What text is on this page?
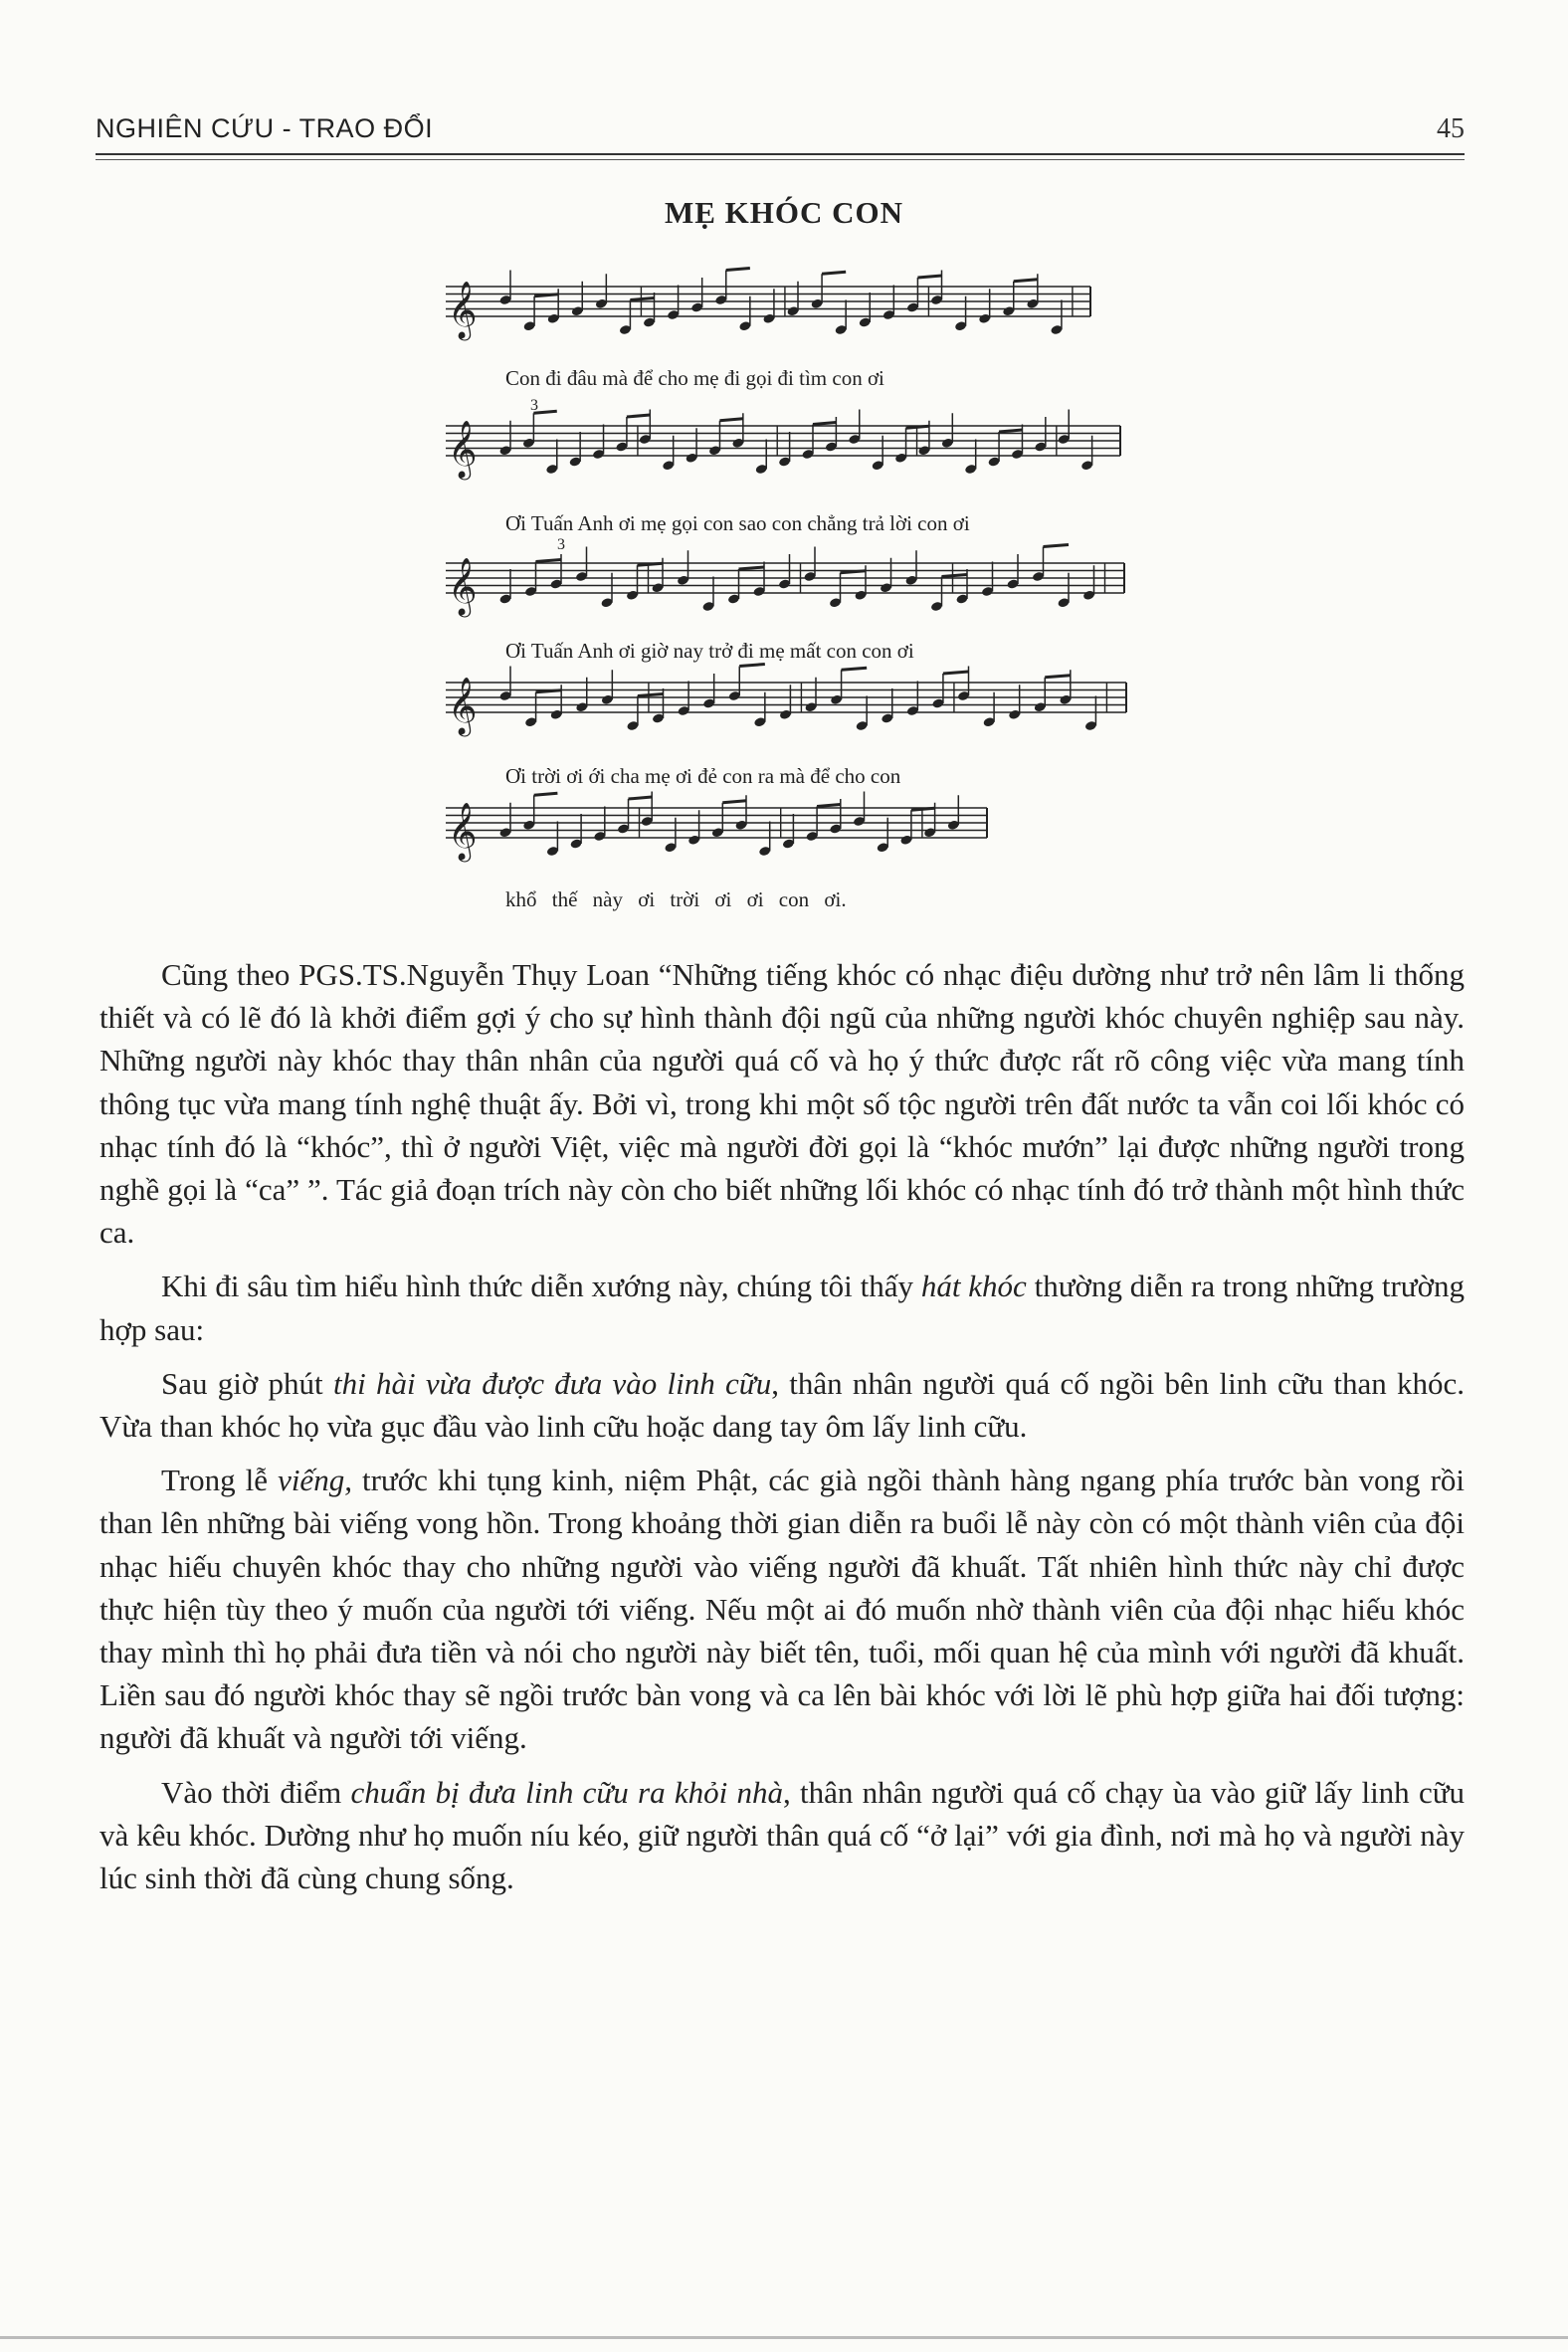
NGHIÊN CỨU - TRAO ĐỔI	45
MẸ KHÓC CON
𝄞
𝄞
𝄞
𝄞
𝄞
3
3
Con đi đâu mà để cho mẹ đi gọi đi tìm con ơi
Ơi Tuấn Anh ơi mẹ gọi con sao con chẳng trả lời con ơi
Ơi Tuấn Anh ơi giờ nay trở đi mẹ mất con con ơi
Ơi trời ơi ới cha mẹ ơi đẻ con ra mà để cho con
khổ thế này ơi trời ơi ơi con ơi.

Cũng theo PGS.TS.Nguyễn Thụy Loan “Những tiếng khóc có nhạc điệu dường như trở nên lâm li thống thiết và có lẽ đó là khởi điểm gợi ý cho sự hình thành đội ngũ của những người khóc chuyên nghiệp sau này. Những người này khóc thay thân nhân của người quá cố và họ ý thức được rất rõ công việc vừa mang tính thông tục vừa mang tính nghệ thuật ấy. Bởi vì, trong khi một số tộc người trên đất nước ta vẫn coi lối khóc có nhạc tính đó là “khóc”, thì ở người Việt, việc mà người đời gọi là “khóc mướn” lại được những người trong nghề gọi là “ca” ”. Tác giả đoạn trích này còn cho biết những lối khóc có nhạc tính đó trở thành một hình thức ca.

Khi đi sâu tìm hiểu hình thức diễn xướng này, chúng tôi thấy hát khóc thường diễn ra trong những trường hợp sau:

Sau giờ phút thi hài vừa được đưa vào linh cữu, thân nhân người quá cố ngồi bên linh cữu than khóc. Vừa than khóc họ vừa gục đầu vào linh cữu hoặc dang tay ôm lấy linh cữu.

Trong lễ viếng, trước khi tụng kinh, niệm Phật, các già ngồi thành hàng ngang phía trước bàn vong rồi than lên những bài viếng vong hồn. Trong khoảng thời gian diễn ra buổi lễ này còn có một thành viên của đội nhạc hiếu chuyên khóc thay cho những người vào viếng người đã khuất. Tất nhiên hình thức này chỉ được thực hiện tùy theo ý muốn của người tới viếng. Nếu một ai đó muốn nhờ thành viên của đội nhạc hiếu khóc thay mình thì họ phải đưa tiền và nói cho người này biết tên, tuổi, mối quan hệ của mình với người đã khuất. Liền sau đó người khóc thay sẽ ngồi trước bàn vong và ca lên bài khóc với lời lẽ phù hợp giữa hai đối tượng: người đã khuất và người tới viếng.

Vào thời điểm chuẩn bị đưa linh cữu ra khỏi nhà, thân nhân người quá cố chạy ùa vào giữ lấy linh cữu và kêu khóc. Dường như họ muốn níu kéo, giữ người thân quá cố “ở lại” với gia đình, nơi mà họ và người này lúc sinh thời đã cùng chung sống.
